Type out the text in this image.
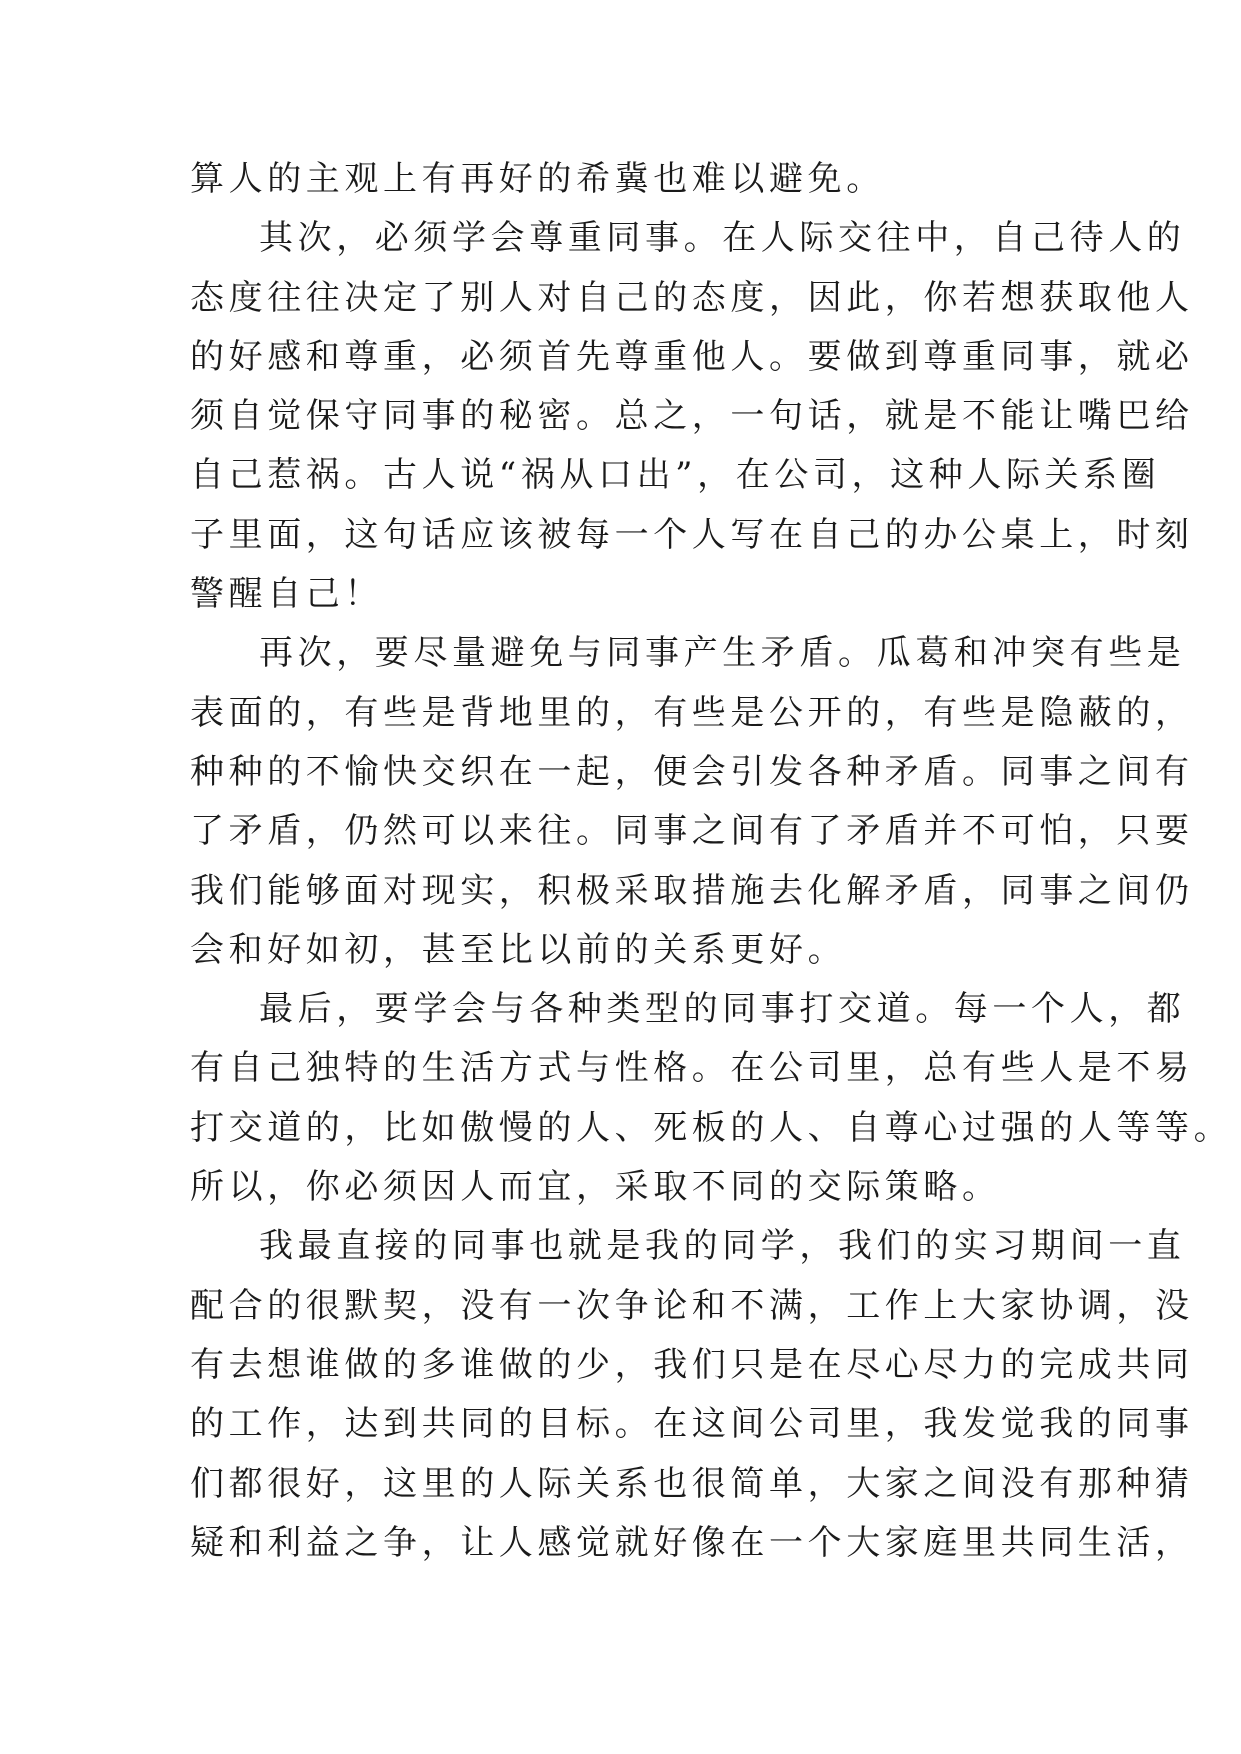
算人的主观上有再好的希冀也难以避免。
其次，必须学会尊重同事。在人际交往中，自己待人的
态度往往决定了别人对自己的态度，因此，你若想获取他人
的好感和尊重，必须首先尊重他人。要做到尊重同事，就必
须自觉保守同事的秘密。总之，一句话，就是不能让嘴巴给
自己惹祸。古人说“祸从口出”，在公司，这种人际关系圈
子里面，这句话应该被每一个人写在自己的办公桌上，时刻
警醒自己！
再次，要尽量避免与同事产生矛盾。瓜葛和冲突有些是
表面的，有些是背地里的，有些是公开的，有些是隐蔽的，
种种的不愉快交织在一起，便会引发各种矛盾。同事之间有
了矛盾，仍然可以来往。同事之间有了矛盾并不可怕，只要
我们能够面对现实，积极采取措施去化解矛盾，同事之间仍
会和好如初，甚至比以前的关系更好。
最后，要学会与各种类型的同事打交道。每一个人，都
有自己独特的生活方式与性格。在公司里，总有些人是不易
打交道的，比如傲慢的人、死板的人、自尊心过强的人等等。
所以，你必须因人而宜，采取不同的交际策略。
我最直接的同事也就是我的同学，我们的实习期间一直
配合的很默契，没有一次争论和不满，工作上大家协调，没
有去想谁做的多谁做的少，我们只是在尽心尽力的完成共同
的工作，达到共同的目标。在这间公司里，我发觉我的同事
们都很好，这里的人际关系也很简单，大家之间没有那种猜
疑和利益之争，让人感觉就好像在一个大家庭里共同生活，
